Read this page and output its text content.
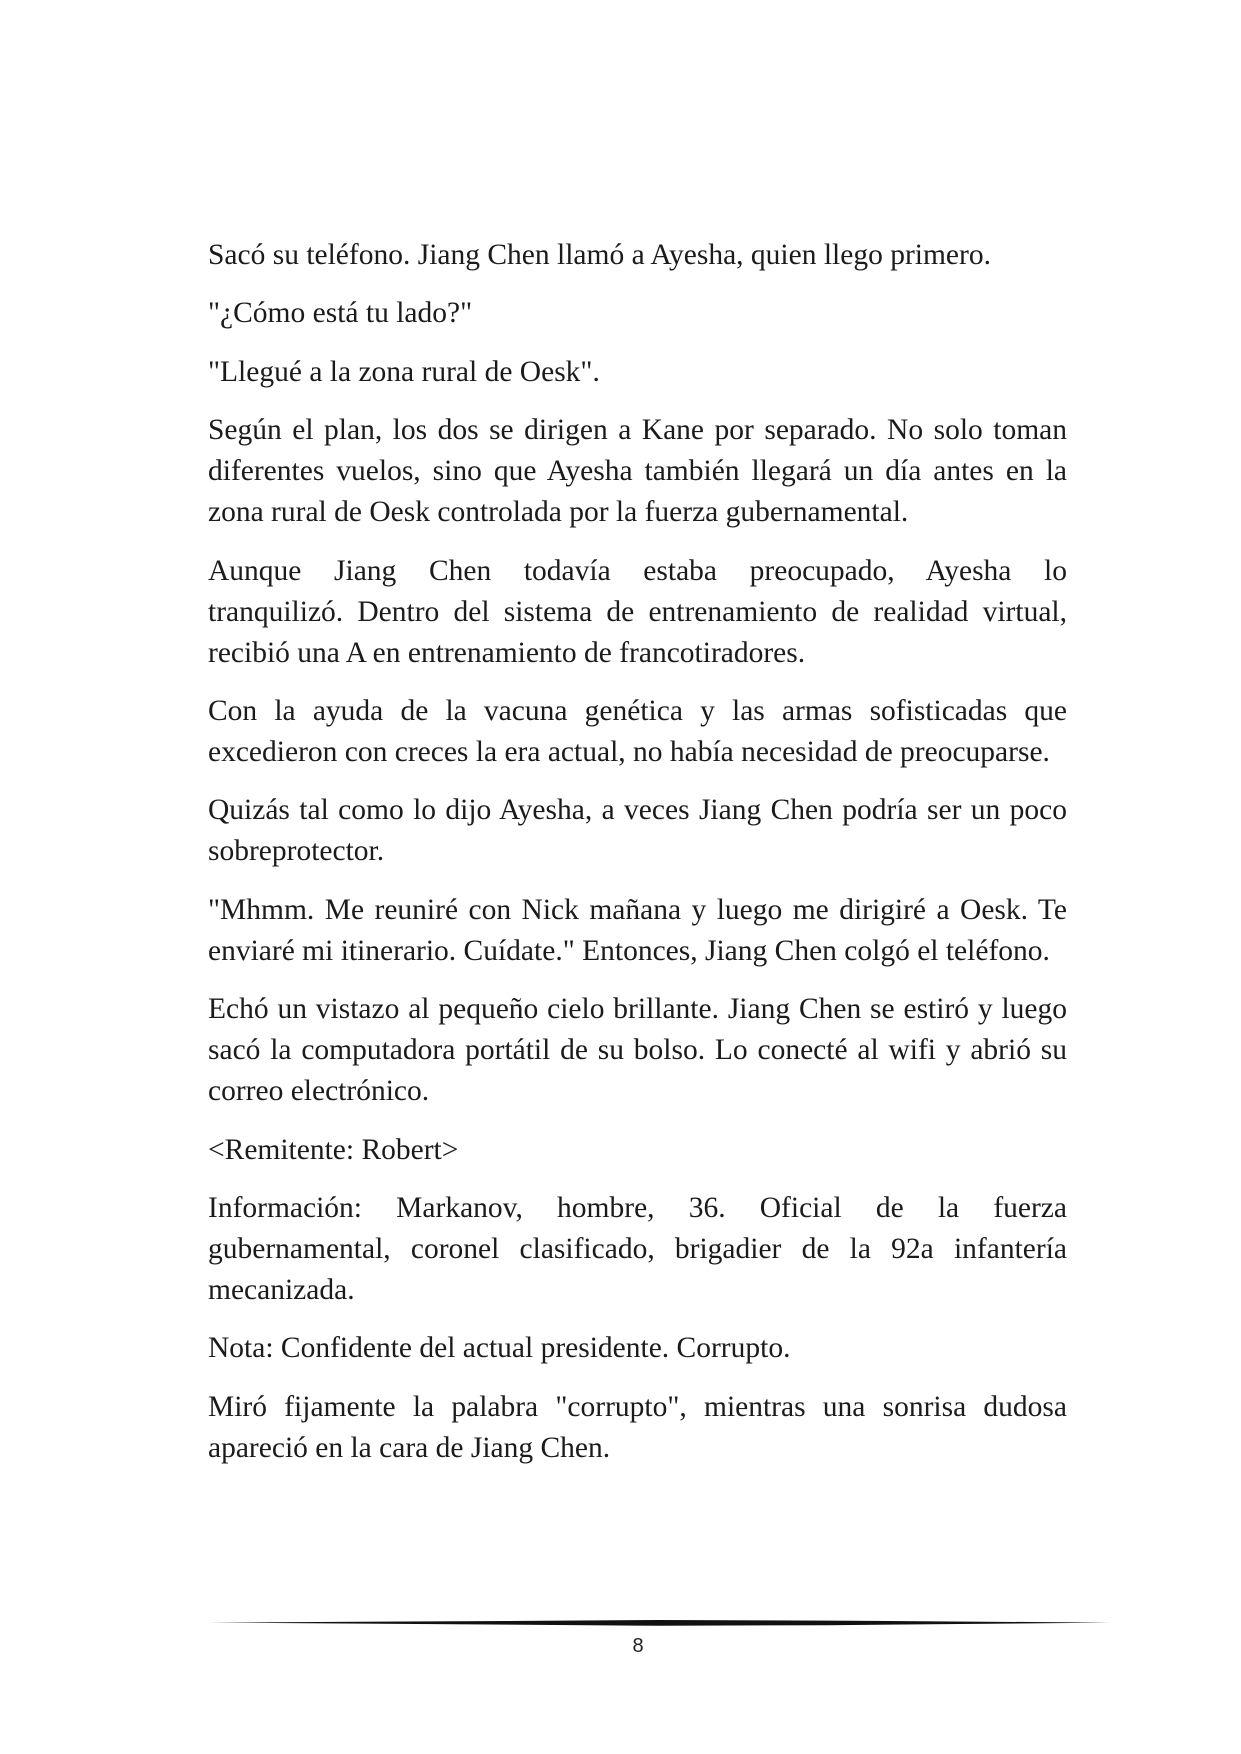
Sacó su teléfono. Jiang Chen llamó a Ayesha, quien llego primero.
"¿Cómo está tu lado?"
"Llegué a la zona rural de Oesk".
Según el plan, los dos se dirigen a Kane por separado. No solo toman
diferentes vuelos, sino que Ayesha también llegará un día antes en la
zona rural de Oesk controlada por la fuerza gubernamental.
Aunque Jiang Chen todavía estaba preocupado, Ayesha lo
tranquilizó. Dentro del sistema de entrenamiento de realidad virtual,
recibió una A en entrenamiento de francotiradores.
Con la ayuda de la vacuna genética y las armas sofisticadas que
excedieron con creces la era actual, no había necesidad de preocuparse.
Quizás tal como lo dijo Ayesha, a veces Jiang Chen podría ser un poco
sobreprotector.
"Mhmm. Me reuniré con Nick mañana y luego me dirigiré a Oesk. Te
enviaré mi itinerario. Cuídate." Entonces, Jiang Chen colgó el teléfono.
Echó un vistazo al pequeño cielo brillante. Jiang Chen se estiró y luego
sacó la computadora portátil de su bolso. Lo conecté al wifi y abrió su
correo electrónico.
<Remitente: Robert>
Información: Markanov, hombre, 36. Oficial de la fuerza
gubernamental, coronel clasificado, brigadier de la 92a infantería
mecanizada.
Nota: Confidente del actual presidente. Corrupto.
Miró fijamente la palabra "corrupto", mientras una sonrisa dudosa
apareció en la cara de Jiang Chen.
8
